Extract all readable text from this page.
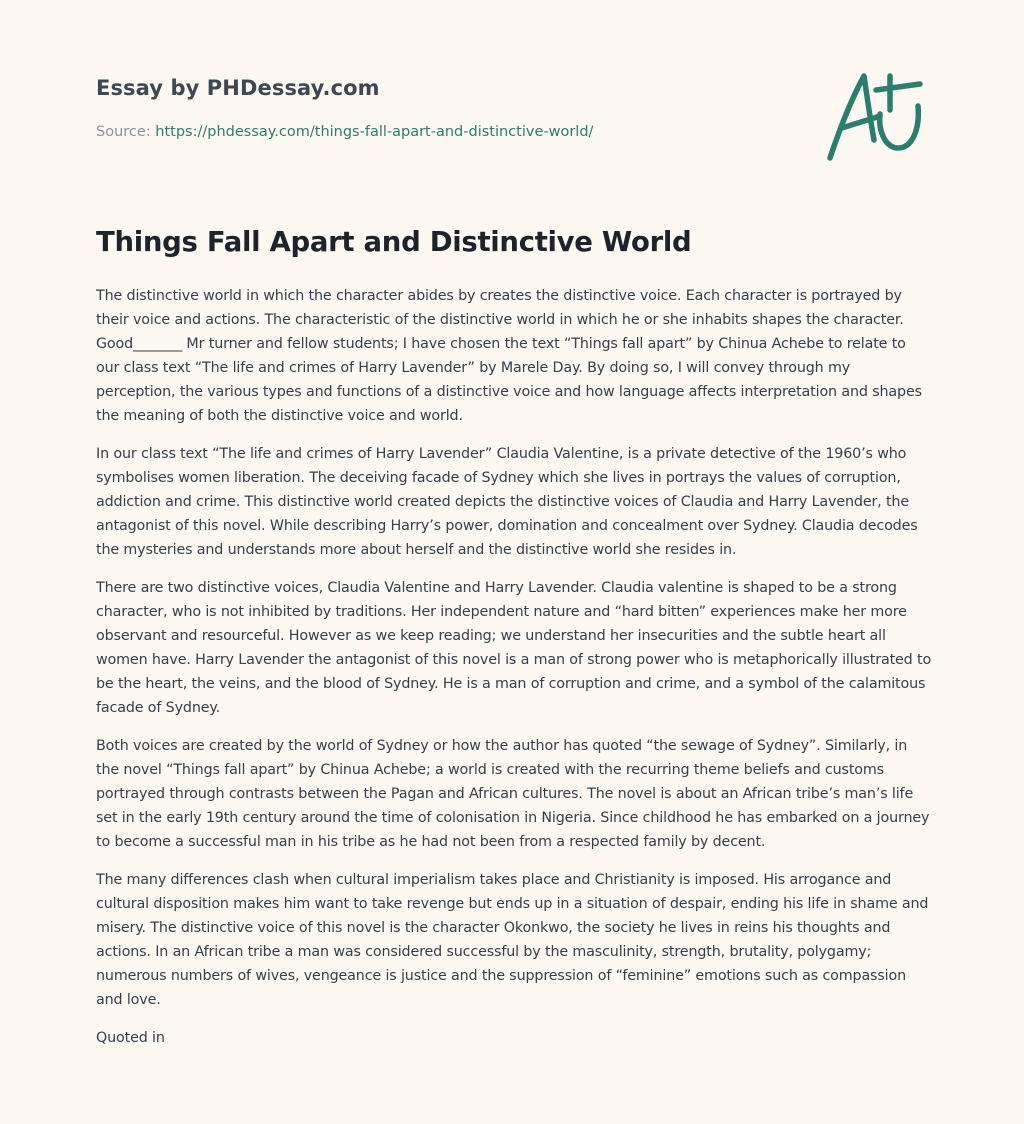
Essay by PHDessay.com
Source: https://phdessay.com/things-fall-apart-and-distinctive-world/
Things Fall Apart and Distinctive World

The distinctive world in which the character abides by creates the distinctive voice. Each character is portrayed by their voice and actions. The characteristic of the distinctive world in which he or she inhabits shapes the character. Good_______ Mr turner and fellow students; I have chosen the text “Things fall apart” by Chinua Achebe to relate to our class text “The life and crimes of Harry Lavender” by Marele Day. By doing so, I will convey through my perception, the various types and functions of a distinctive voice and how language affects interpretation and shapes the meaning of both the distinctive voice and world.

In our class text “The life and crimes of Harry Lavender” Claudia Valentine, is a private detective of the 1960’s who symbolises women liberation. The deceiving facade of Sydney which she lives in portrays the values of corruption, addiction and crime. This distinctive world created depicts the distinctive voices of Claudia and Harry Lavender, the antagonist of this novel. While describing Harry’s power, domination and concealment over Sydney. Claudia decodes the mysteries and understands more about herself and the distinctive world she resides in.

There are two distinctive voices, Claudia Valentine and Harry Lavender. Claudia valentine is shaped to be a strong character, who is not inhibited by traditions. Her independent nature and “hard bitten” experiences make her more observant and resourceful. However as we keep reading; we understand her insecurities and the subtle heart all women have. Harry Lavender the antagonist of this novel is a man of strong power who is metaphorically illustrated to be the heart, the veins, and the blood of Sydney. He is a man of corruption and crime, and a symbol of the calamitous facade of Sydney.

Both voices are created by the world of Sydney or how the author has quoted “the sewage of Sydney”. Similarly, in the novel “Things fall apart” by Chinua Achebe; a world is created with the recurring theme beliefs and customs portrayed through contrasts between the Pagan and African cultures. The novel is about an African tribe’s man’s life set in the early 19th century around the time of colonisation in Nigeria. Since childhood he has embarked on a journey to become a successful man in his tribe as he had not been from a respected family by decent.

The many differences clash when cultural imperialism takes place and Christianity is imposed. His arrogance and cultural disposition makes him want to take revenge but ends up in a situation of despair, ending his life in shame and misery. The distinctive voice of this novel is the character Okonkwo, the society he lives in reins his thoughts and actions. In an African tribe a man was considered successful by the masculinity, strength, brutality, polygamy; numerous numbers of wives, vengeance is justice and the suppression of “feminine” emotions such as compassion and love.

Quoted in
